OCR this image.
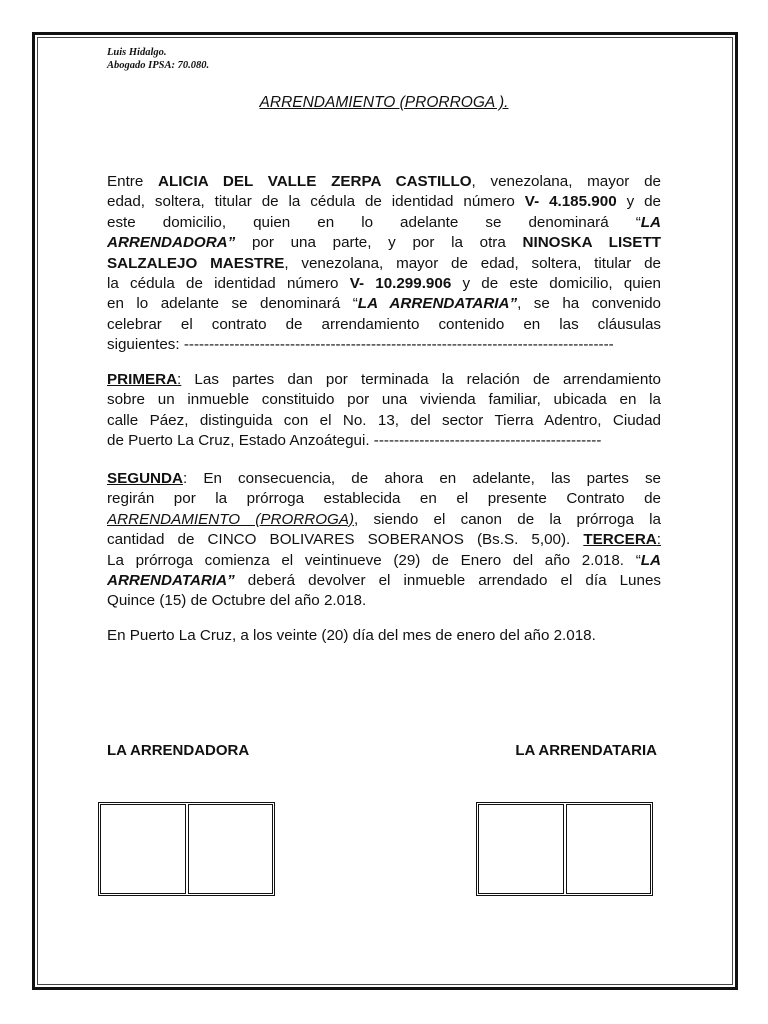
Luis Hidalgo.
Abogado IPSA: 70.080.
ARRENDAMIENTO (PRORROGA ).
Entre ALICIA DEL VALLE ZERPA CASTILLO, venezolana, mayor de
edad, soltera, titular de la cédula de identidad número V- 4.185.900 y de
este domicilio, quien en lo adelante se denominará “LA
ARRENDADORA” por una parte, y por la otra NINOSKA LISETT
SALZALEJO MAESTRE, venezolana, mayor de edad, soltera, titular de
la cédula de identidad número V- 10.299.906 y de este domicilio, quien
en lo adelante se denominará “LA ARRENDATARIA”, se ha convenido
celebrar el contrato de arrendamiento contenido en las cláusulas
siguientes: -------------------------------------------------------------------------------------
PRIMERA: Las partes dan por terminada la relación de arrendamiento
sobre un inmueble constituido por una vivienda familiar, ubicada en la
calle Páez, distinguida con el No. 13, del sector Tierra Adentro, Ciudad
de Puerto La Cruz, Estado Anzoátegui. ---------------------------------------------
SEGUNDA: En consecuencia, de ahora en adelante, las partes se
regirán por la prórroga establecida en el presente Contrato de
ARRENDAMIENTO (PRORROGA), siendo el canon de la prórroga la
cantidad de CINCO BOLIVARES SOBERANOS (Bs.S. 5,00). TERCERA:
La prórroga comienza el veintinueve (29) de Enero del año 2.018. “LA
ARRENDATARIA” deberá devolver el inmueble arrendado el día Lunes
Quince (15) de Octubre del año 2.018.
En Puerto La Cruz, a los veinte (20) día del mes de enero del año 2.018.
LA ARRENDADORA	LA ARRENDATARIA
